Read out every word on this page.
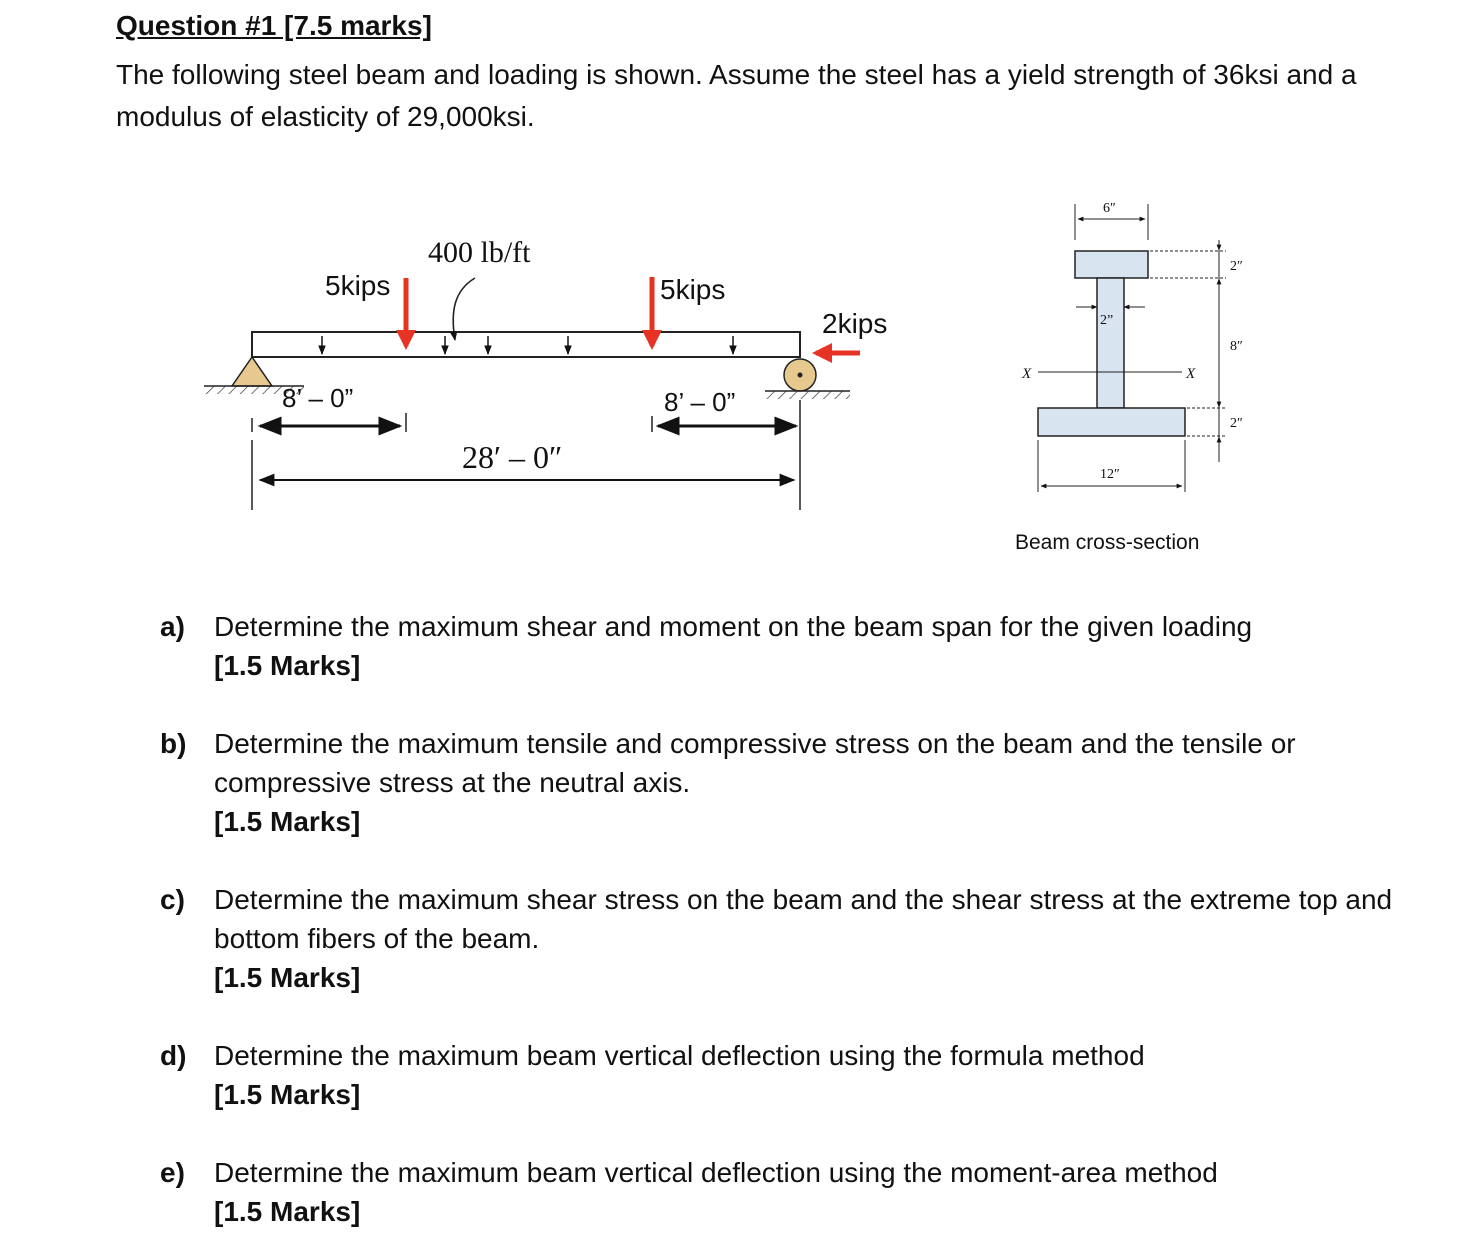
Question #1 [7.5 marks]
The following steel beam and loading is shown. Assume the steel has a yield strength of 36ksi and a modulus of elasticity of 29,000ksi.
400 lb/ft
5kips	5kips
2kips
8’ – 0”	8’ – 0”
28′ – 0″
X	X
6″
2”
2″
8″
2″
12″
Beam cross-section
a) Determine the maximum shear and moment on the beam span for the given loading
[1.5 Marks]
b) Determine the maximum tensile and compressive stress on the beam and the tensile or compressive stress at the neutral axis.
[1.5 Marks]
c) Determine the maximum shear stress on the beam and the shear stress at the extreme top and bottom fibers of the beam.
[1.5 Marks]
d) Determine the maximum beam vertical deflection using the formula method
[1.5 Marks]
e) Determine the maximum beam vertical deflection using the moment-area method
[1.5 Marks]
